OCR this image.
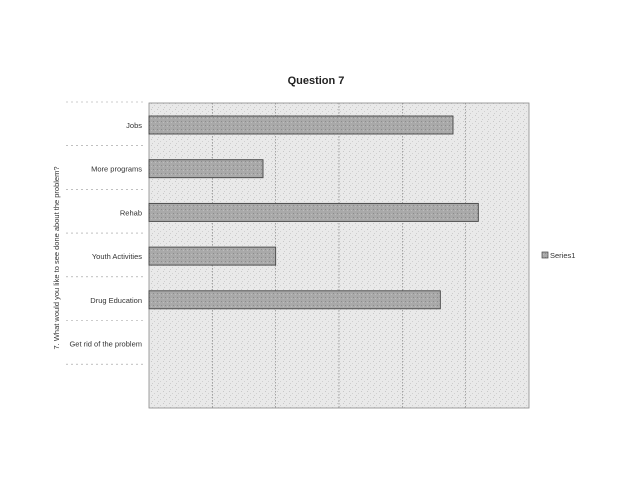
Question 7
Jobs
More programs
Rehab
Youth Activities
Drug Education
Get rid of the problem
7. What would you like to see done about the problem?	Series1
